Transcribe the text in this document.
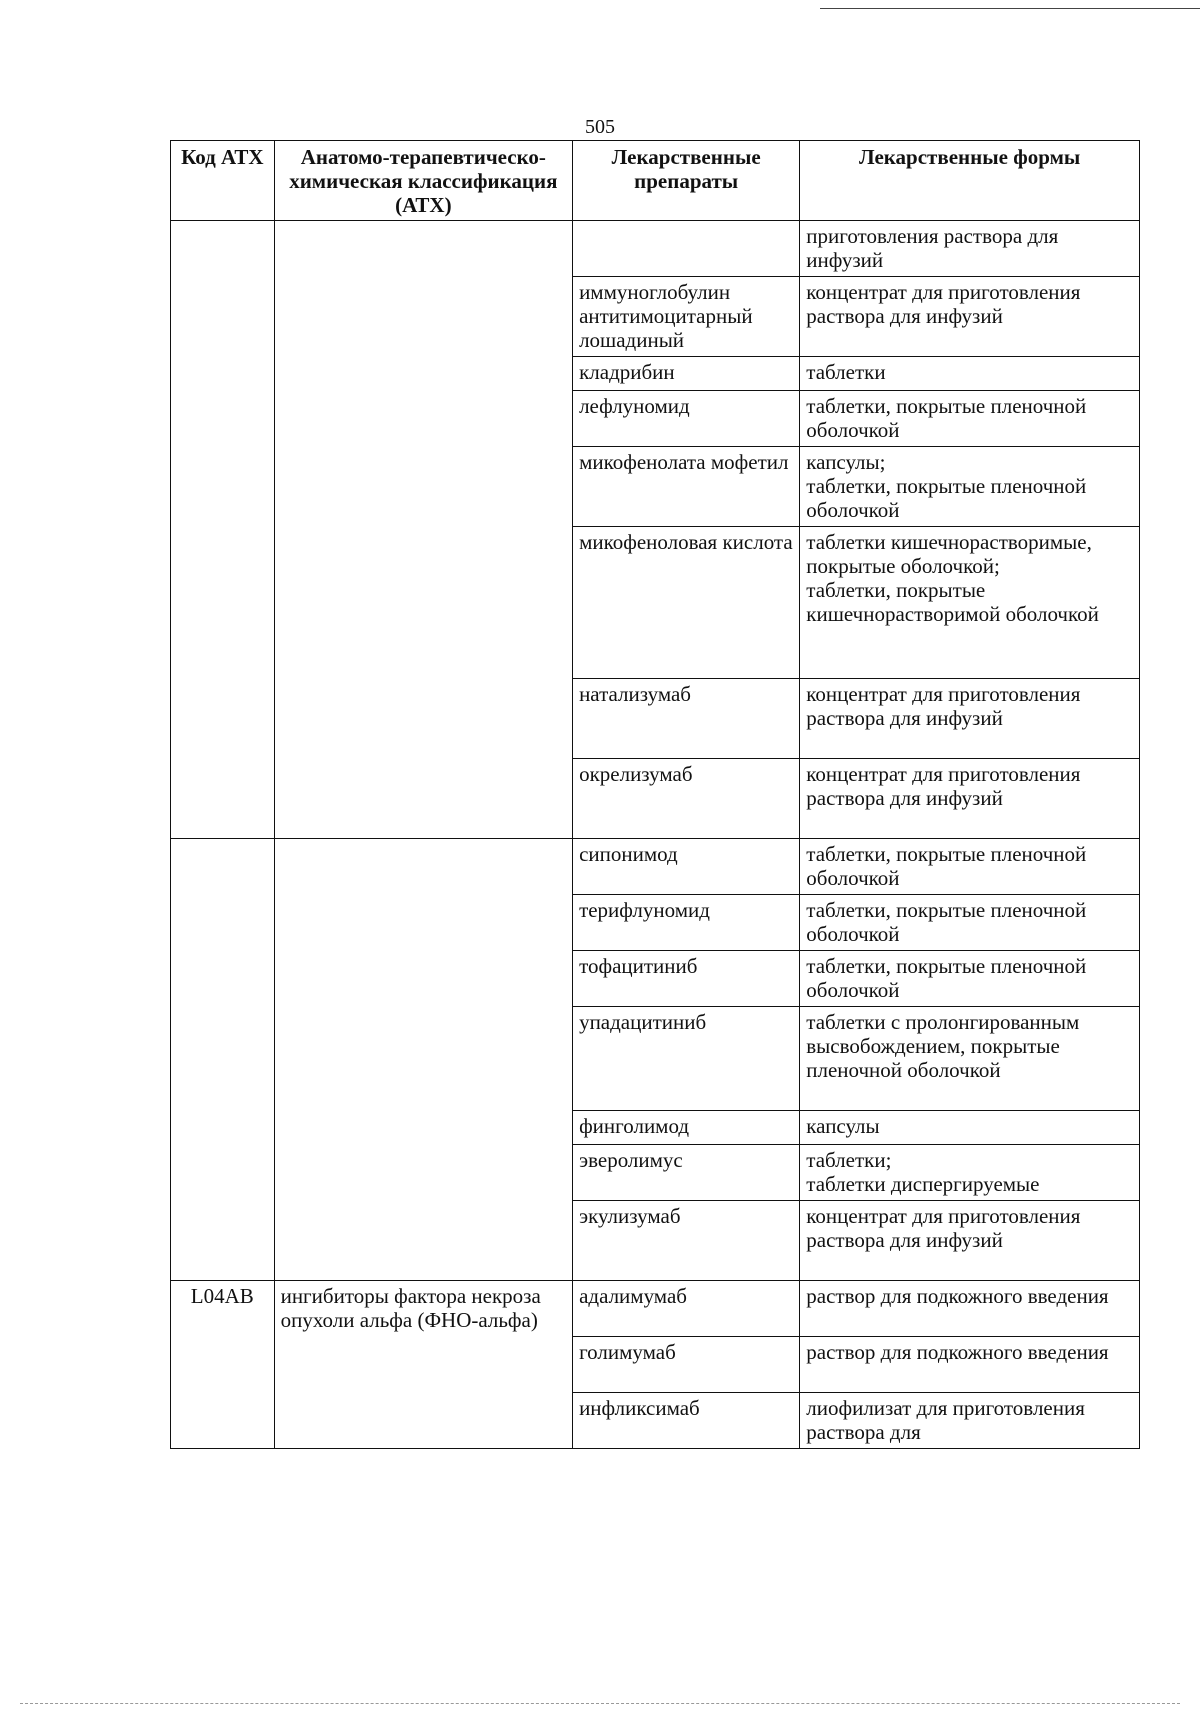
505
Код АТХ	Анатомо-терапевтическо-химическая классификация (АТХ)	Лекарственные препараты	Лекарственные формы

			приготовления раствора для инфузий

		иммуноглобулин антитимоцитарный лошадиный	концентрат для приготовления раствора для инфузий

		кладрибин	таблетки

		лефлуномид	таблетки, покрытые пленочной оболочкой

		микофенолата мофетил	капсулы;
таблетки, покрытые пленочной оболочкой

		микофеноловая кислота	таблетки кишечнорастворимые, покрытые оболочкой;
таблетки, покрытые кишечнорастворимой оболочкой

		натализумаб	концентрат для приготовления раствора для инфузий

		окрелизумаб	концентрат для приготовления раствора для инфузий

		сипонимод	таблетки, покрытые пленочной оболочкой

		терифлуномид	таблетки, покрытые пленочной оболочкой

		тофацитиниб	таблетки, покрытые пленочной оболочкой

		упадацитиниб	таблетки с пролонгированным высвобождением, покрытые пленочной оболочкой

		финголимод	капсулы

		эверолимус	таблетки;
таблетки диспергируемые

		экулизумаб	концентрат для приготовления раствора для инфузий

L04AB	ингибиторы фактора некроза опухоли альфа (ФНО-альфа)	адалимумаб	раствор для подкожного введения

		голимумаб	раствор для подкожного введения

		инфликсимаб	лиофилизат для приготовления раствора для
